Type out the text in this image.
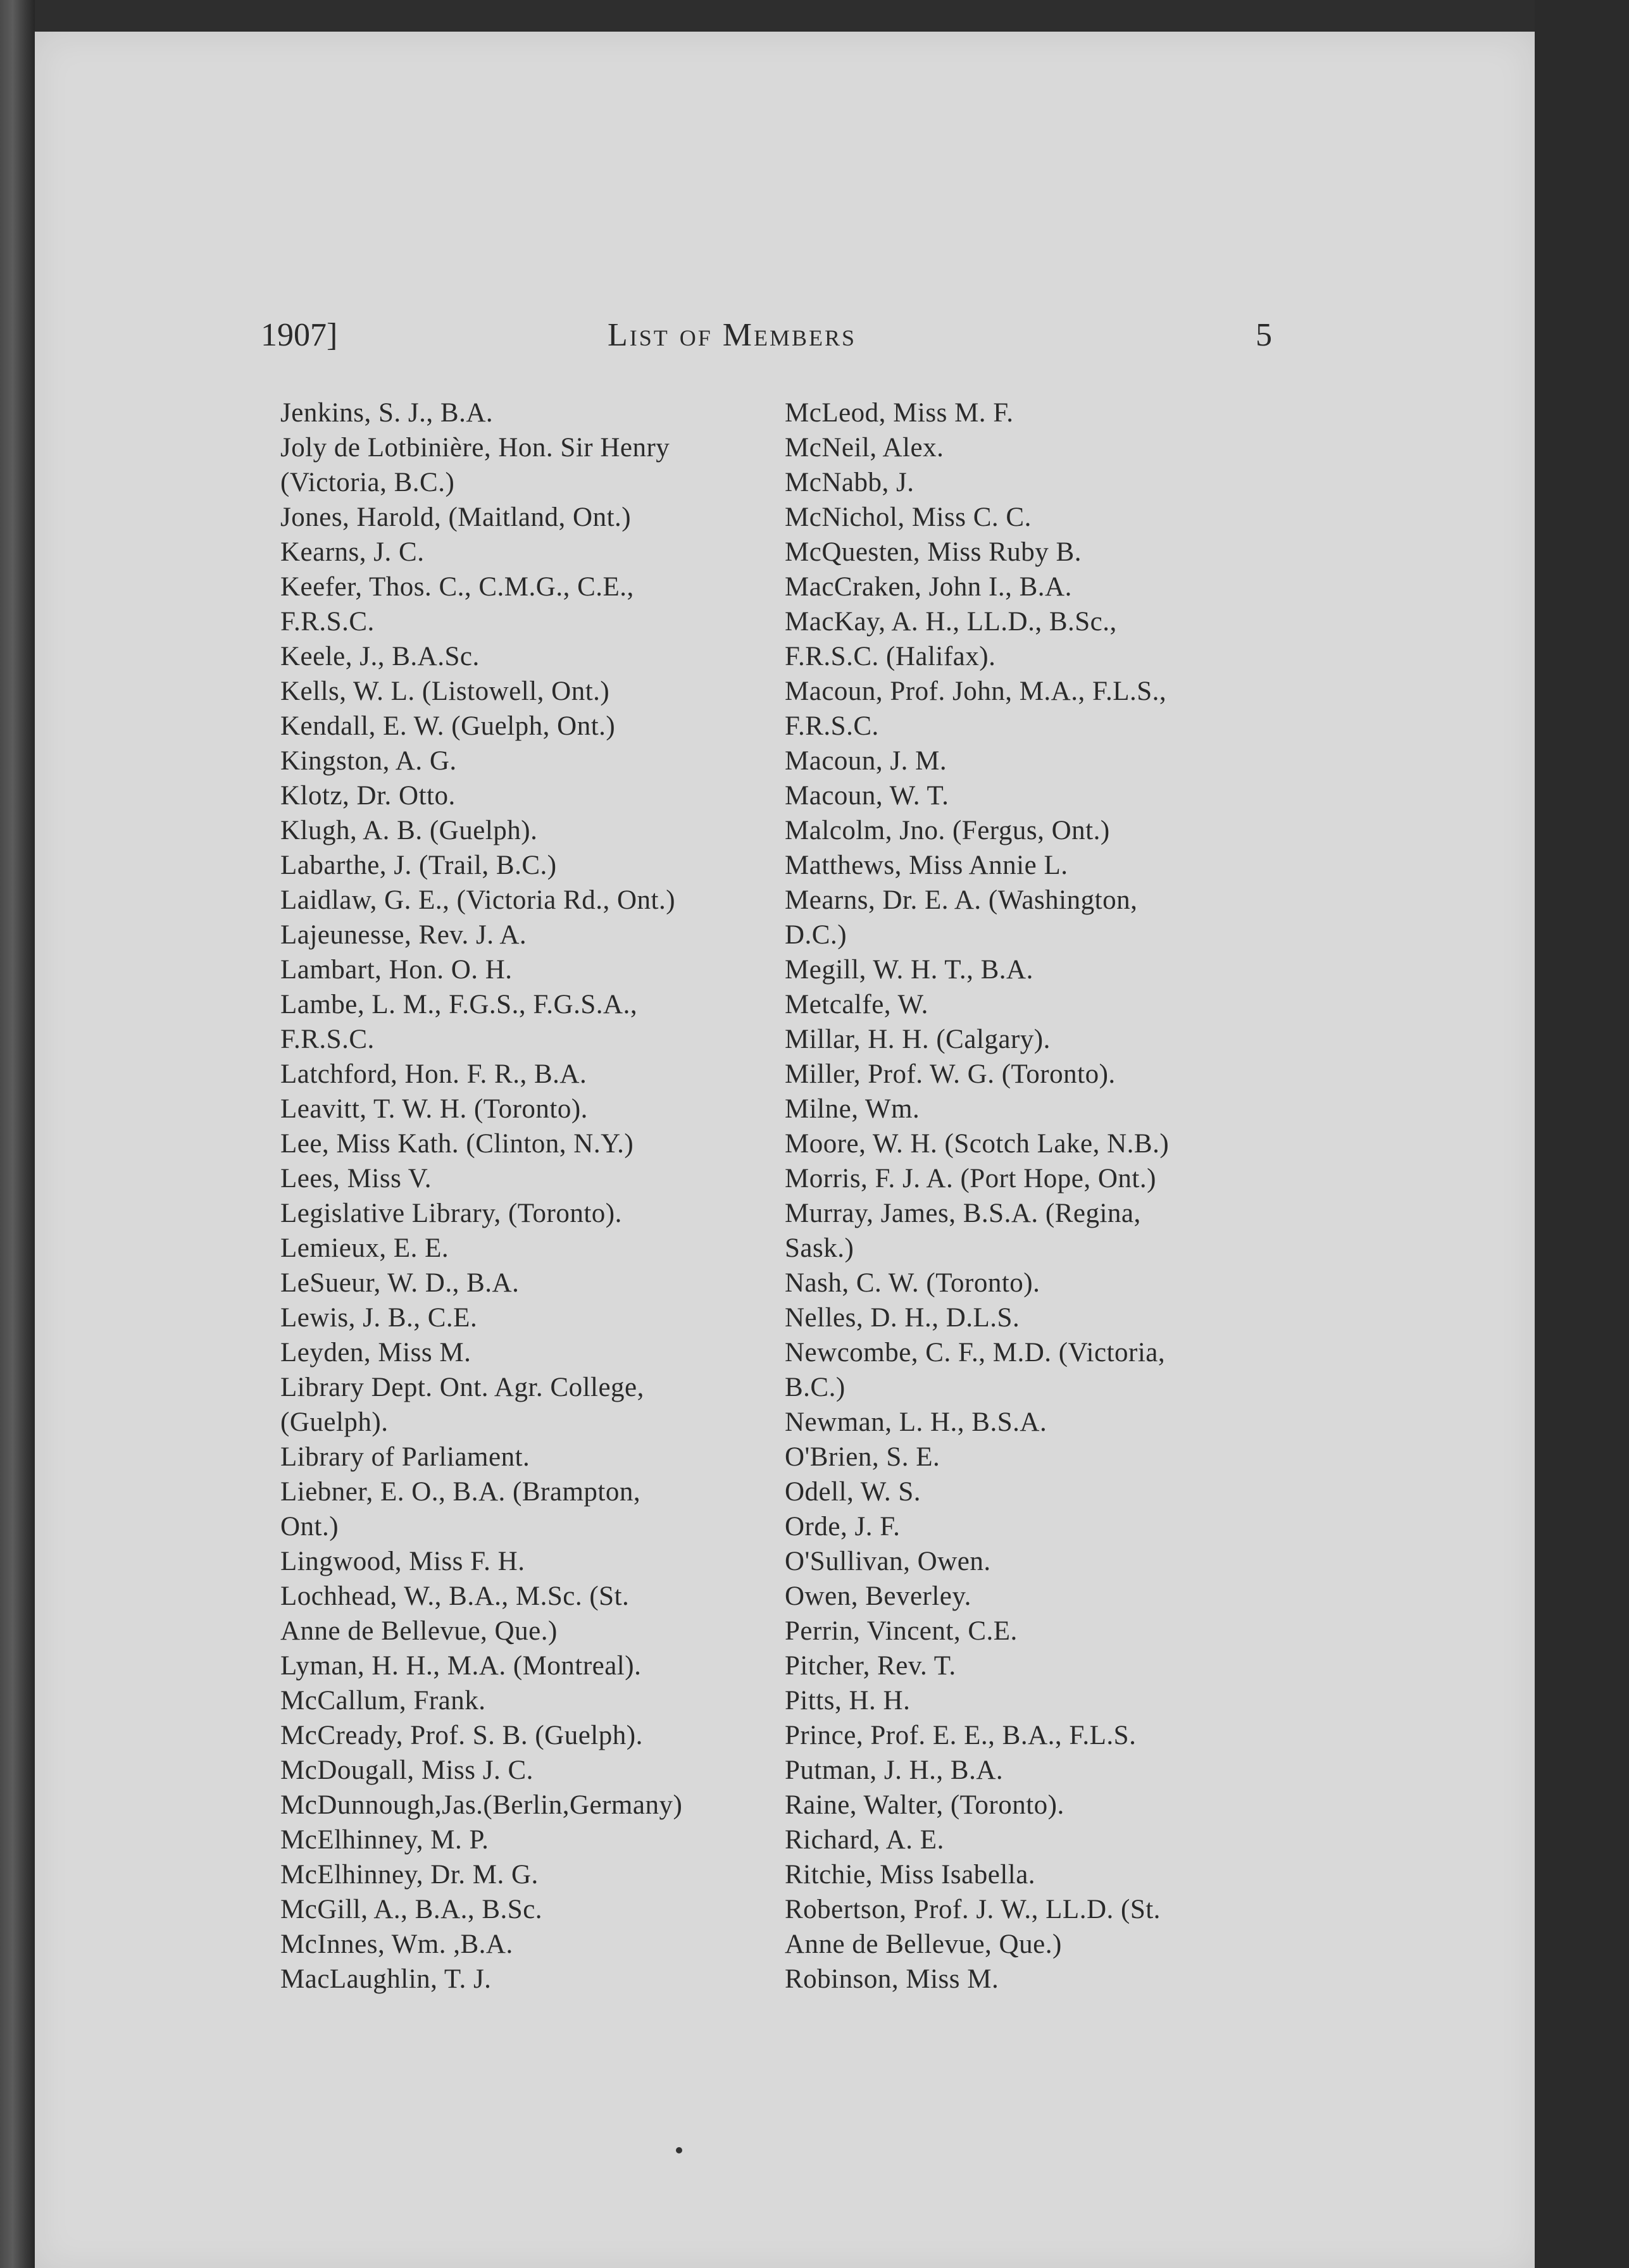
1907]	List of Members	5
Jenkins, S. J., B.A.
Joly de Lotbinière, Hon. Sir Henry
(Victoria, B.C.)
Jones, Harold, (Maitland, Ont.)
Kearns, J. C.
Keefer, Thos. C., C.M.G., C.E.,
F.R.S.C.
Keele, J., B.A.Sc.
Kells, W. L. (Listowell, Ont.)
Kendall, E. W. (Guelph, Ont.)
Kingston, A. G.
Klotz, Dr. Otto.
Klugh, A. B. (Guelph).
Labarthe, J. (Trail, B.C.)
Laidlaw, G. E., (Victoria Rd., Ont.)
Lajeunesse, Rev. J. A.
Lambart, Hon. O. H.
Lambe, L. M., F.G.S., F.G.S.A.,
F.R.S.C.
Latchford, Hon. F. R., B.A.
Leavitt, T. W. H. (Toronto).
Lee, Miss Kath. (Clinton, N.Y.)
Lees, Miss V.
Legislative Library, (Toronto).
Lemieux, E. E.
LeSueur, W. D., B.A.
Lewis, J. B., C.E.
Leyden, Miss M.
Library Dept. Ont. Agr. College,
(Guelph).
Library of Parliament.
Liebner, E. O., B.A. (Brampton,
Ont.)
Lingwood, Miss F. H.
Lochhead, W., B.A., M.Sc. (St.
Anne de Bellevue, Que.)
Lyman, H. H., M.A. (Montreal).
McCallum, Frank.
McCready, Prof. S. B. (Guelph).
McDougall, Miss J. C.
McDunnough,Jas.(Berlin,Germany)
McElhinney, M. P.
McElhinney, Dr. M. G.
McGill, A., B.A., B.Sc.
McInnes, Wm. ,B.A.
MacLaughlin, T. J.
McLeod, Miss M. F.
McNeil, Alex.
McNabb, J.
McNichol, Miss C. C.
McQuesten, Miss Ruby B.
MacCraken, John I., B.A.
MacKay, A. H., LL.D., B.Sc.,
F.R.S.C. (Halifax).
Macoun, Prof. John, M.A., F.L.S.,
F.R.S.C.
Macoun, J. M.
Macoun, W. T.
Malcolm, Jno. (Fergus, Ont.)
Matthews, Miss Annie L.
Mearns, Dr. E. A. (Washington,
D.C.)
Megill, W. H. T., B.A.
Metcalfe, W.
Millar, H. H. (Calgary).
Miller, Prof. W. G. (Toronto).
Milne, Wm.
Moore, W. H. (Scotch Lake, N.B.)
Morris, F. J. A. (Port Hope, Ont.)
Murray, James, B.S.A. (Regina,
Sask.)
Nash, C. W. (Toronto).
Nelles, D. H., D.L.S.
Newcombe, C. F., M.D. (Victoria,
B.C.)
Newman, L. H., B.S.A.
O'Brien, S. E.
Odell, W. S.
Orde, J. F.
O'Sullivan, Owen.
Owen, Beverley.
Perrin, Vincent, C.E.
Pitcher, Rev. T.
Pitts, H. H.
Prince, Prof. E. E., B.A., F.L.S.
Putman, J. H., B.A.
Raine, Walter, (Toronto).
Richard, A. E.
Ritchie, Miss Isabella.
Robertson, Prof. J. W., LL.D. (St.
Anne de Bellevue, Que.)
Robinson, Miss M.
